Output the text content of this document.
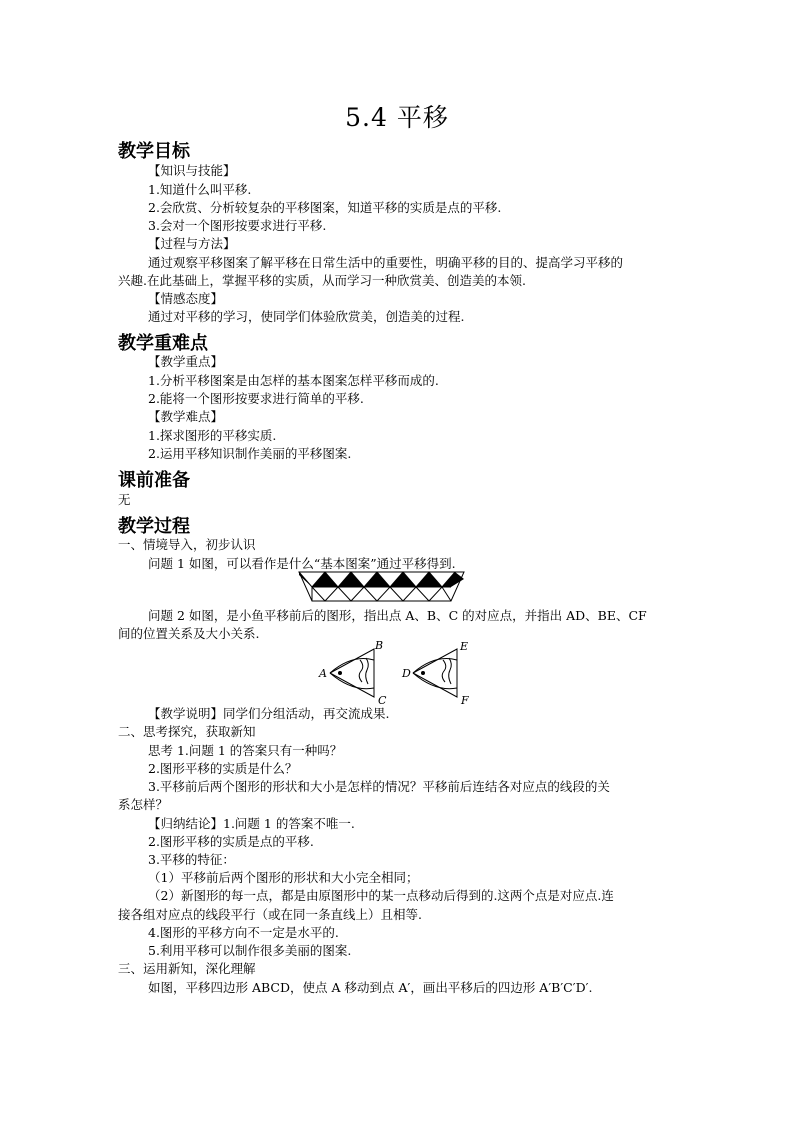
5.4 平移
教学目标
【知识与技能】
1.知道什么叫平移.
2.会欣赏、分析较复杂的平移图案，知道平移的实质是点的平移.
3.会对一个图形按要求进行平移.
【过程与方法】
通过观察平移图案了解平移在日常生活中的重要性，明确平移的目的、提高学习平移的
兴趣.在此基础上，掌握平移的实质，从而学习一种欣赏美、创造美的本领.
【情感态度】
通过对平移的学习，使同学们体验欣赏美，创造美的过程.
教学重难点
【教学重点】
1.分析平移图案是由怎样的基本图案怎样平移而成的.
2.能将一个图形按要求进行简单的平移.
【教学难点】
1.探求图形的平移实质.
2.运用平移知识制作美丽的平移图案.
课前准备
无
教学过程
一、情境导入，初步认识
问题 1 如图，可以看作是什么“基本图案”通过平移得到.
问题 2 如图，是小鱼平移前后的图形，指出点 A、B、C 的对应点，并指出 AD、BE、CF
间的位置关系及大小关系.
A
B
C
D
E
F
【教学说明】同学们分组活动，再交流成果.
二、思考探究，获取新知
思考 1.问题 1 的答案只有一种吗？
2.图形平移的实质是什么？
3.平移前后两个图形的形状和大小是怎样的情况？平移前后连结各对应点的线段的关
系怎样？
【归纳结论】1.问题 1 的答案不唯一.
2.图形平移的实质是点的平移.
3.平移的特征：
（1）平移前后两个图形的形状和大小完全相同；
（2）新图形的每一点，都是由原图形中的某一点移动后得到的.这两个点是对应点.连
接各组对应点的线段平行（或在同一条直线上）且相等.
4.图形的平移方向不一定是水平的.
5.利用平移可以制作很多美丽的图案.
三、运用新知，深化理解
如图，平移四边形 ABCD，使点 A 移动到点 A′，画出平移后的四边形 A′B′C′D′.
